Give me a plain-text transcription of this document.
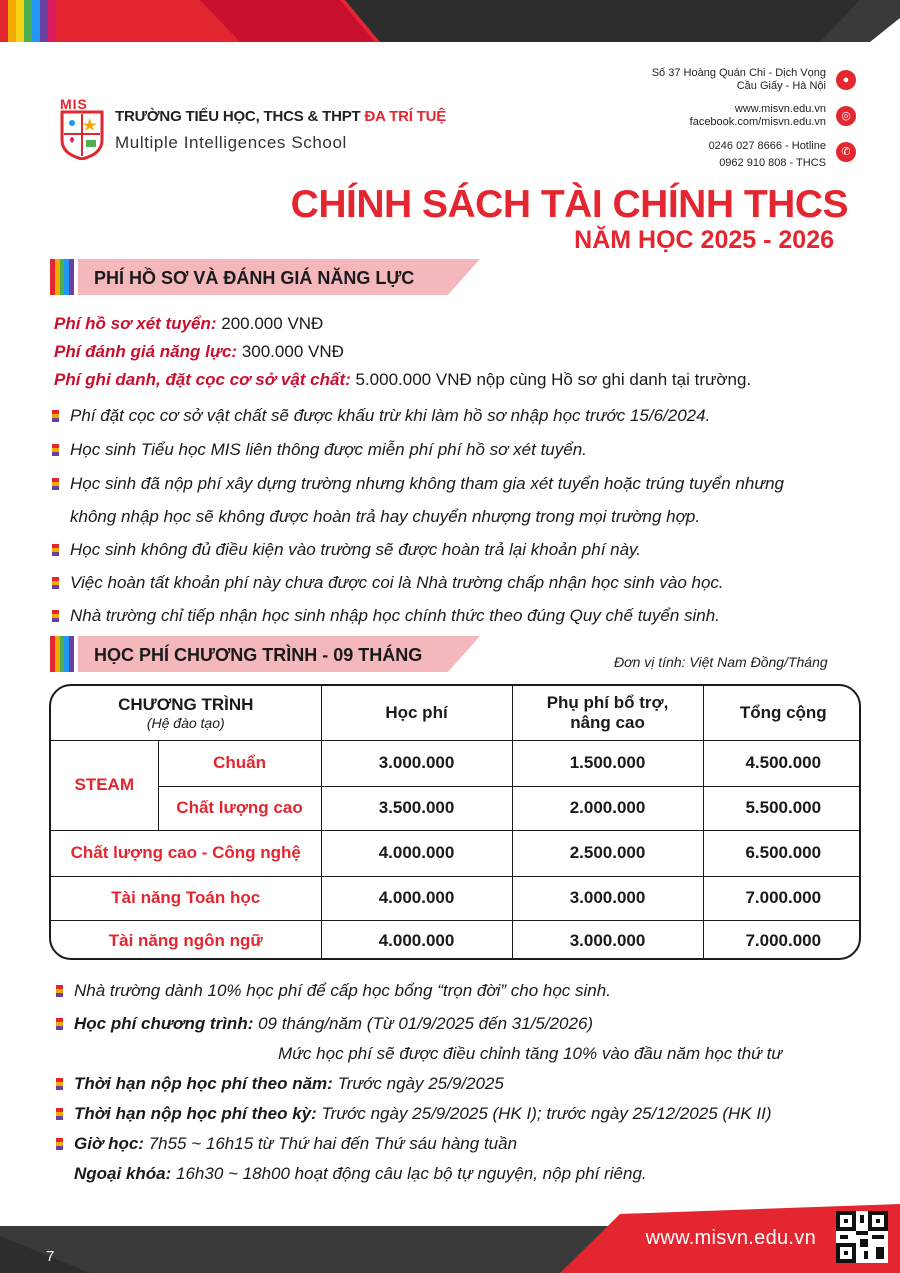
MIS
TRƯỜNG TIỂU HỌC, THCS & THPT ĐA TRÍ TUỆ
Multiple Intelligences School
Số 37 Hoàng Quán Chi - Dịch Vọng
Cầu Giấy - Hà Nội	●
www.misvn.edu.vn
facebook.com/misvn.edu.vn	◎
0246 027 8666 - Hotline
0962 910 808 - THCS
✆
CHÍNH SÁCH TÀI CHÍNH THCS
NĂM HỌC 2025 - 2026
PHÍ HỒ SƠ VÀ ĐÁNH GIÁ NĂNG LỰC
Phí hồ sơ xét tuyển: 200.000 VNĐ
Phí đánh giá năng lực: 300.000 VNĐ
Phí ghi danh, đặt cọc cơ sở vật chất: 5.000.000 VNĐ nộp cùng Hồ sơ ghi danh tại trường.
Phí đặt cọc cơ sở vật chất sẽ được khấu trừ khi làm hồ sơ nhập học trước 15/6/2024.
Học sinh Tiểu học MIS liên thông được miễn phí phí hồ sơ xét tuyển.
Học sinh đã nộp phí xây dựng trường nhưng không tham gia xét tuyển hoặc trúng tuyển nhưng
không nhập học sẽ không được hoàn trả hay chuyển nhượng trong mọi trường hợp.
Học sinh không đủ điều kiện vào trường sẽ được hoàn trả lại khoản phí này.
Việc hoàn tất khoản phí này chưa được coi là Nhà trường chấp nhận học sinh vào học.
Nhà trường chỉ tiếp nhận học sinh nhập học chính thức theo đúng Quy chế tuyển sinh.
HỌC PHÍ CHƯƠNG TRÌNH - 09 THÁNG	Đơn vị tính: Việt Nam Đồng/Tháng
CHƯƠNG TRÌNH
(Hệ đào tạo)		Học phí	Phụ phí bổ trợ,
nâng cao	Tổng cộng
STEAM	Chuẩn	3.000.000	1.500.000	4.500.000
	Chất lượng cao	3.500.000	2.000.000	5.500.000
Chất lượng cao - Công nghệ		4.000.000	2.500.000	6.500.000
Tài năng Toán học		4.000.000	3.000.000	7.000.000
Tài năng ngôn ngữ		4.000.000	3.000.000	7.000.000
Nhà trường dành 10% học phí để cấp học bổng “trọn đời” cho học sinh.
Học phí chương trình: 09 tháng/năm (Từ 01/9/2025 đến 31/5/2026)
Mức học phí sẽ được điều chỉnh tăng 10% vào đầu năm học thứ tư
Thời hạn nộp học phí theo năm: Trước ngày 25/9/2025
Thời hạn nộp học phí theo kỳ: Trước ngày 25/9/2025 (HK I); trước ngày 25/12/2025 (HK II)
Giờ học: 7h55 ~ 16h15 từ Thứ hai đến Thứ sáu hàng tuần
Ngoại khóa: 16h30 ~ 18h00 hoạt động câu lạc bộ tự nguyện, nộp phí riêng.
www.misvn.edu.vn
7
